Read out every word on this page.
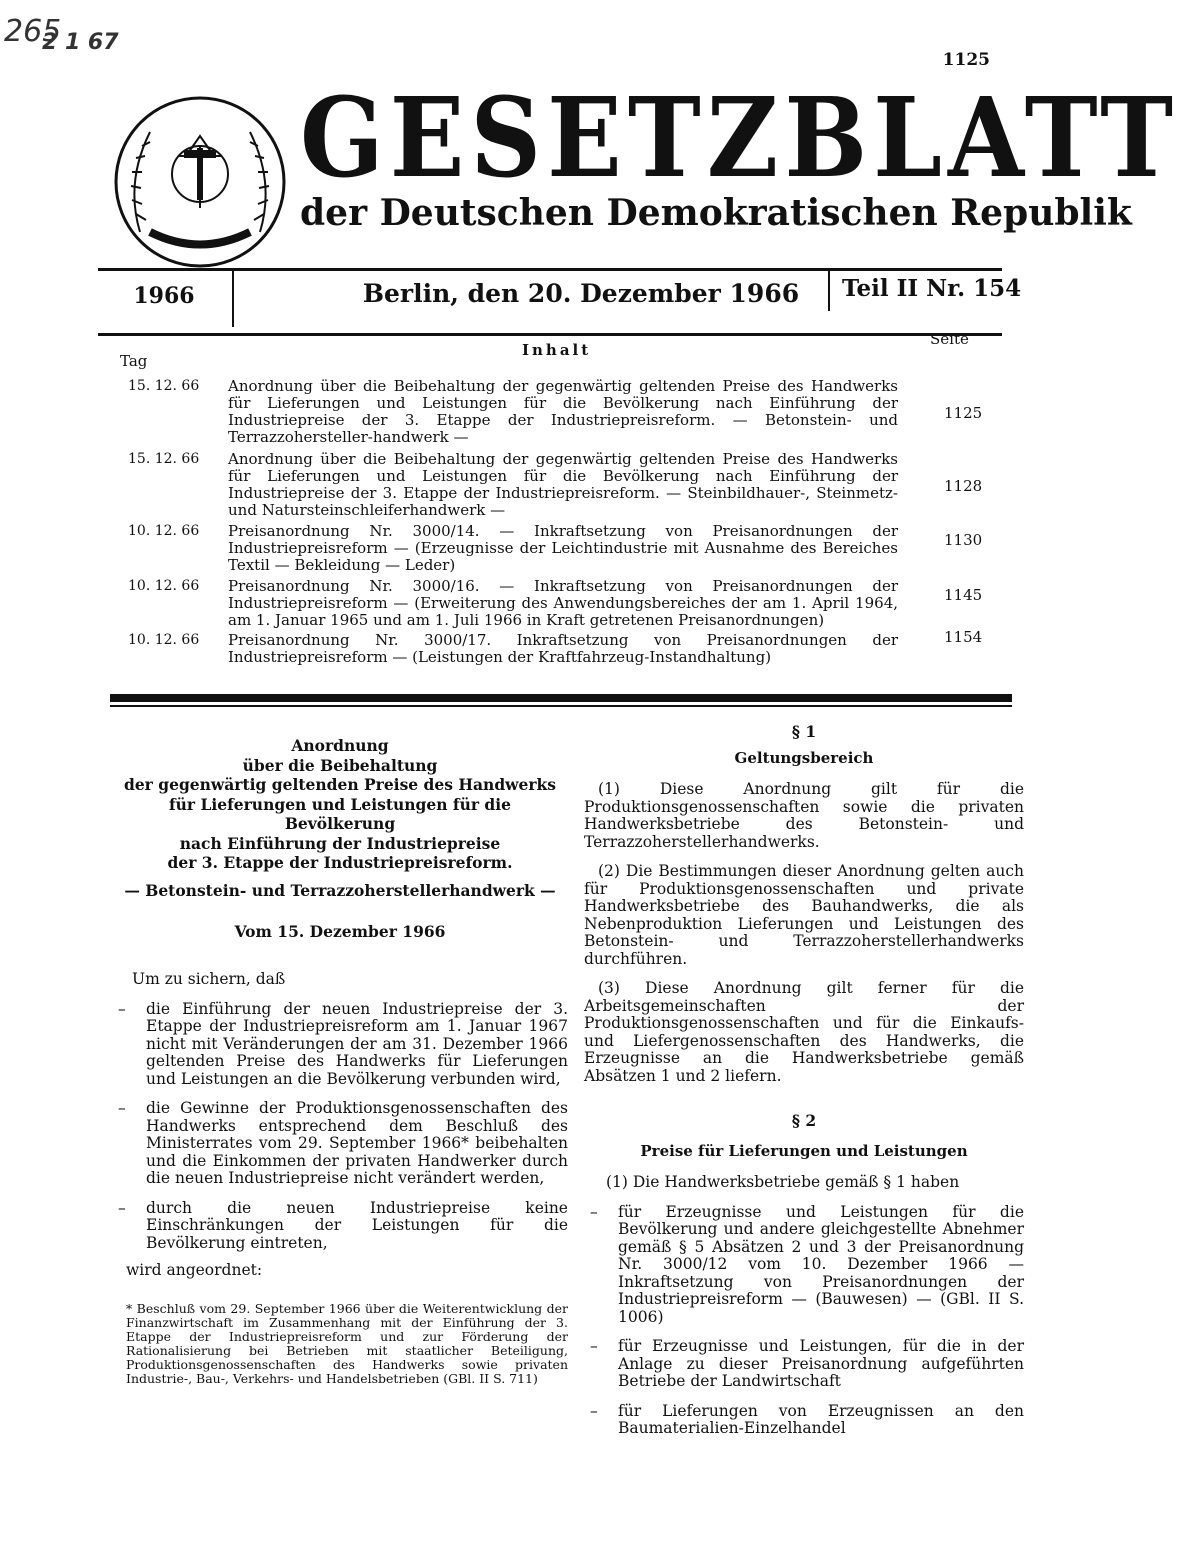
265
2 1 67
1125
GESETZBLATT
der Deutschen Demokratischen Republik
1966	Berlin, den 20. Dezember 1966	Teil II Nr. 154
Tag
Inhalt
Seite
15. 12. 66 Anordnung über die Beibehaltung der gegenwärtig geltenden Preise des Handwerks für Lieferungen und Leistungen für die Bevölkerung nach Einführung der Industriepreise der 3. Etappe der Industriepreisreform. — Betonstein- und Terrazzohersteller-handwerk —
1125
15. 12. 66 Anordnung über die Beibehaltung der gegenwärtig geltenden Preise des Handwerks für Lieferungen und Leistungen für die Bevölkerung nach Einführung der Industriepreise der 3. Etappe der Industriepreisreform. — Steinbildhauer-, Steinmetz- und Natursteinschleiferhandwerk —
1128
10. 12. 66 Preisanordnung Nr. 3000/14. — Inkraftsetzung von Preisanordnungen der Industriepreisreform — (Erzeugnisse der Leichtindustrie mit Ausnahme des Bereiches Textil — Bekleidung — Leder)
1130
10. 12. 66 Preisanordnung Nr. 3000/16. — Inkraftsetzung von Preisanordnungen der Industriepreisreform — (Erweiterung des Anwendungsbereiches der am 1. April 1964, am 1. Januar 1965 und am 1. Juli 1966 in Kraft getretenen Preisanordnungen)
1145
10. 12. 66 Preisanordnung Nr. 3000/17. Inkraftsetzung von Preisanordnungen der Industriepreisreform — (Leistungen der Kraftfahrzeug-Instandhaltung)
1154
Anordnung
über die Beibehaltung
der gegenwärtig geltenden Preise des Handwerks
für Lieferungen und Leistungen für die Bevölkerung
nach Einführung der Industriepreise
der 3. Etappe der Industriepreisreform.
— Betonstein- und Terrazzoherstellerhandwerk —
Vom 15. Dezember 1966
Um zu sichern, daß
– die Einführung der neuen Industriepreise der 3. Etappe der Industriepreisreform am 1. Januar 1967 nicht mit Veränderungen der am 31. Dezember 1966 geltenden Preise des Handwerks für Lieferungen und Leistungen an die Bevölkerung verbunden wird,
– die Gewinne der Produktionsgenossenschaften des Handwerks entsprechend dem Beschluß des Ministerrates vom 29. September 1966* beibehalten und die Einkommen der privaten Handwerker durch die neuen Industriepreise nicht verändert werden,
– durch die neuen Industriepreise keine Einschränkungen der Leistungen für die Bevölkerung eintreten,
wird angeordnet:
* Beschluß vom 29. September 1966 über die Weiterentwicklung der Finanzwirtschaft im Zusammenhang mit der Einführung der 3. Etappe der Industriepreisreform und zur Förderung der Rationalisierung bei Betrieben mit staatlicher Beteiligung, Produktionsgenossenschaften des Handwerks sowie privaten Industrie-, Bau-, Verkehrs- und Handelsbetrieben (GBl. II S. 711)
§ 1
Geltungsbereich
(1) Diese Anordnung gilt für die Produktionsgenossenschaften sowie die privaten Handwerksbetriebe des Betonstein- und Terrazzoherstellerhandwerks.
(2) Die Bestimmungen dieser Anordnung gelten auch für Produktionsgenossenschaften und private Handwerksbetriebe des Bauhandwerks, die als Nebenproduktion Lieferungen und Leistungen des Betonstein- und Terrazzoherstellerhandwerks durchführen.
(3) Diese Anordnung gilt ferner für die Arbeitsgemeinschaften der Produktionsgenossenschaften und für die Einkaufs- und Liefergenossenschaften des Handwerks, die Erzeugnisse an die Handwerksbetriebe gemäß Absätzen 1 und 2 liefern.
§ 2
Preise für Lieferungen und Leistungen
(1) Die Handwerksbetriebe gemäß § 1 haben
– für Erzeugnisse und Leistungen für die Bevölkerung und andere gleichgestellte Abnehmer gemäß § 5 Absätzen 2 und 3 der Preisanordnung Nr. 3000/12 vom 10. Dezember 1966 — Inkraftsetzung von Preisanordnungen der Industriepreisreform — (Bauwesen) — (GBl. II S. 1006)
– für Erzeugnisse und Leistungen, für die in der Anlage zu dieser Preisanordnung aufgeführten Betriebe der Landwirtschaft
– für Lieferungen von Erzeugnissen an den Baumaterialien-Einzelhandel
